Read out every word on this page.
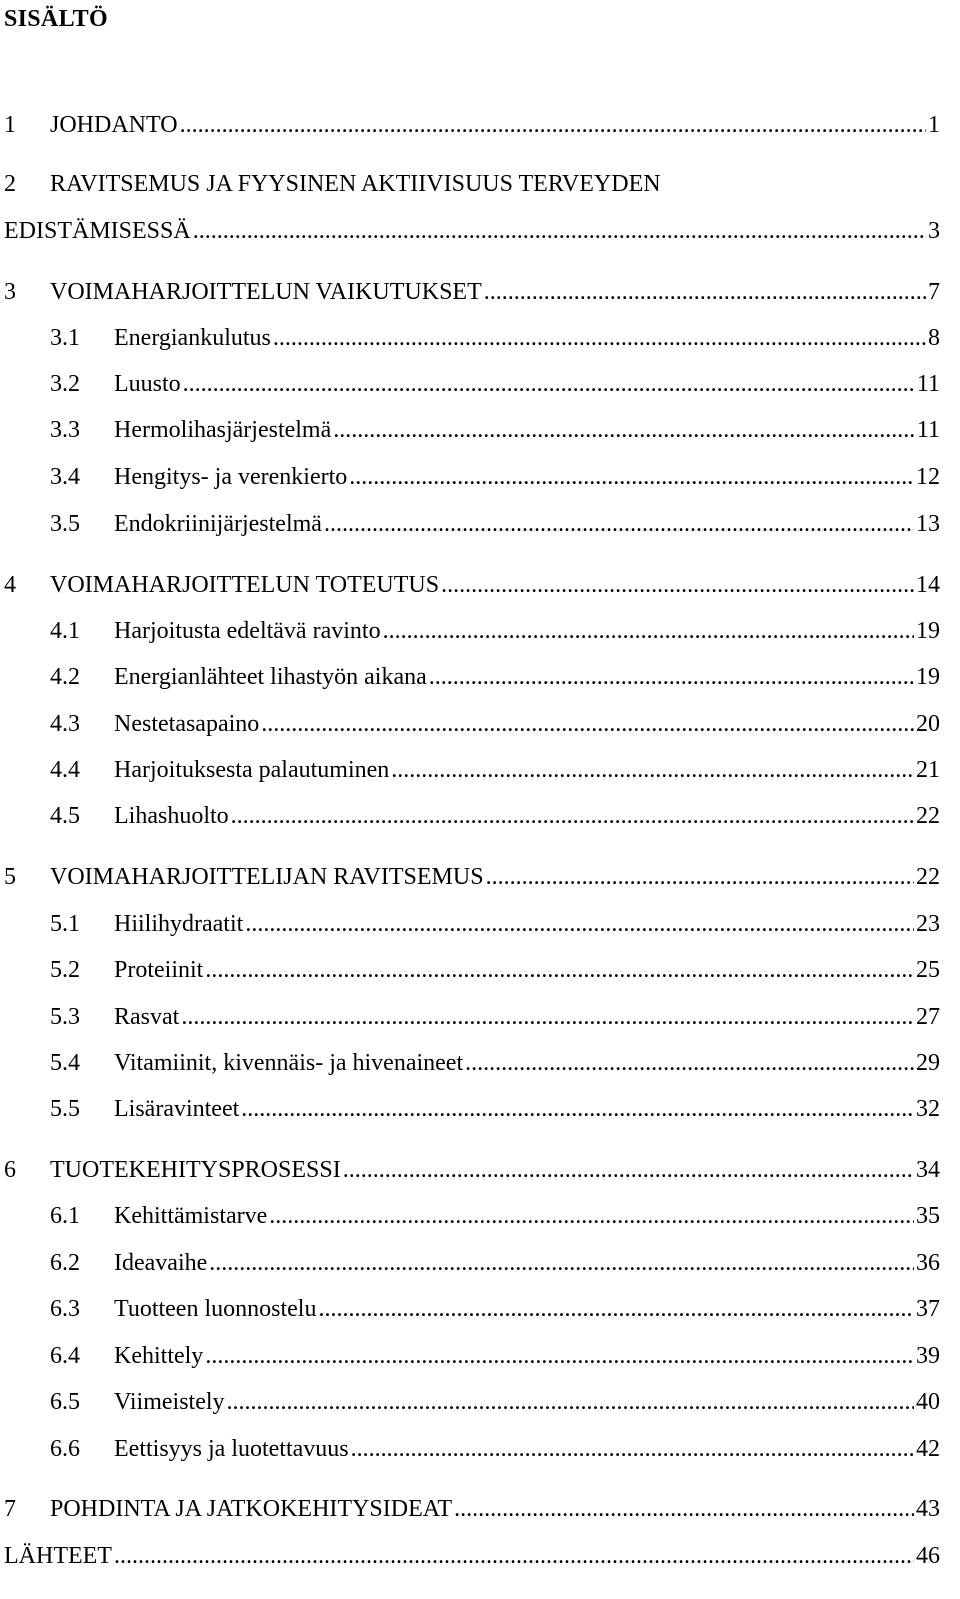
SISÄLTÖ
1	JOHDANTO .....	1
2 RAVITSEMUS JA FYYSINEN AKTIIVISUUS TERVEYDEN
EDISTÄMISESSÄ .....	3
3	VOIMAHARJOITTELUN VAIKUTUKSET .....	7
3.1	Energiankulutus .....	8
3.2	Luusto .....	11
3.3	Hermolihasjärjestelmä .....	11
3.4	Hengitys- ja verenkierto .....	12
3.5	Endokriinijärjestelmä .....	13
4	VOIMAHARJOITTELUN TOTEUTUS .....	14
4.1	Harjoitusta edeltävä ravinto .....	19
4.2	Energianlähteet lihastyön aikana .....	19
4.3	Nestetasapaino .....	20
4.4	Harjoituksesta palautuminen .....	21
4.5	Lihashuolto .....	22
5	VOIMAHARJOITTELIJAN RAVITSEMUS .....	22
5.1	Hiilihydraatit .....	23
5.2	Proteiinit .....	25
5.3	Rasvat .....	27
5.4	Vitamiinit, kivennäis- ja hivenaineet .....	29
5.5	Lisäravinteet .....	32
6	TUOTEKEHITYSPROSESSI .....	34
6.1	Kehittämistarve .....	35
6.2	Ideavaihe .....	36
6.3	Tuotteen luonnostelu .....	37
6.4	Kehittely .....	39
6.5	Viimeistely .....	40
6.6	Eettisyys ja luotettavuus .....	42
7	POHDINTA JA JATKOKEHITYSIDEAT .....	43
LÄHTEET .....	46
